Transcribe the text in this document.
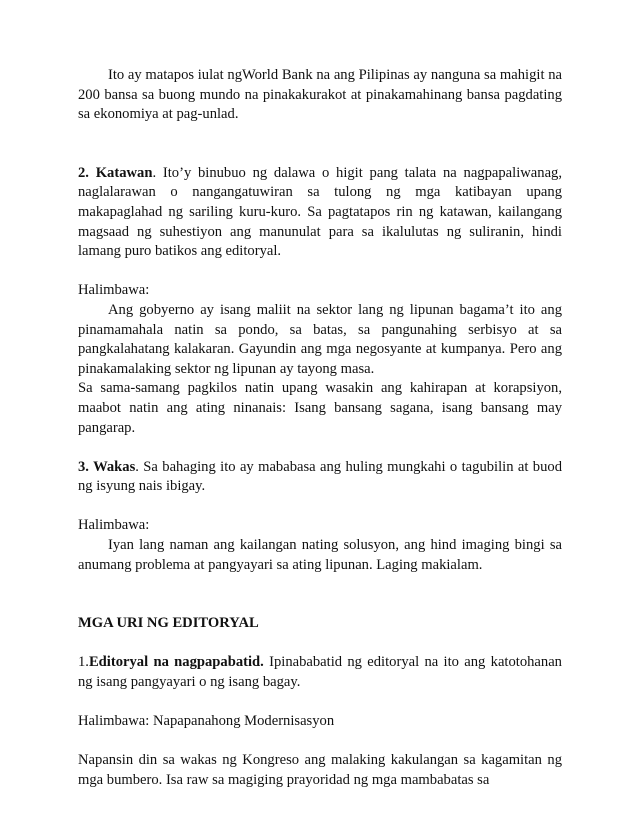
Ito ay matapos iulat ngWorld Bank na ang Pilipinas ay nanguna sa mahigit na 200 bansa sa buong mundo na pinakakurakot at pinakamahinang bansa pagdating sa ekonomiya at pag-unlad.

2. Katawan. Ito’y binubuo ng dalawa o higit pang talata na nagpapaliwanag, naglalarawan o nangangatuwiran sa tulong ng mga katibayan upang makapaglahad ng sariling kuru-kuro. Sa pagtatapos rin ng katawan, kailangang magsaad ng suhestiyon ang manunulat para sa ikalulutas ng suliranin, hindi lamang puro batikos ang editoryal.

Halimbawa:

Ang gobyerno ay isang maliit na sektor lang ng lipunan bagama’t ito ang pinamamahala natin sa pondo, sa batas, sa pangunahing serbisyo at sa pangkalahatang kalakaran. Gayundin ang mga negosyante at kumpanya. Pero ang pinakamalaking sektor ng lipunan ay tayong masa.

Sa sama-samang pagkilos natin upang wasakin ang kahirapan at korapsiyon, maabot natin ang ating ninanais: Isang bansang sagana, isang bansang may pangarap.

3. Wakas. Sa bahaging ito ay mababasa ang huling mungkahi o tagubilin at buod ng isyung nais ibigay.

Halimbawa:

Iyan lang naman ang kailangan nating solusyon, ang hind imaging bingi sa anumang problema at pangyayari sa ating lipunan. Laging makialam.

MGA URI NG EDITORYAL

1.Editoryal na nagpapabatid. Ipinababatid ng editoryal na ito ang katotohanan ng isang pangyayari o ng isang bagay.

Halimbawa: Napapanahong Modernisasyon

Napansin din sa wakas ng Kongreso ang malaking kakulangan sa kagamitan ng mga bumbero. Isa raw sa magiging prayoridad ng mga mambabatas sa
